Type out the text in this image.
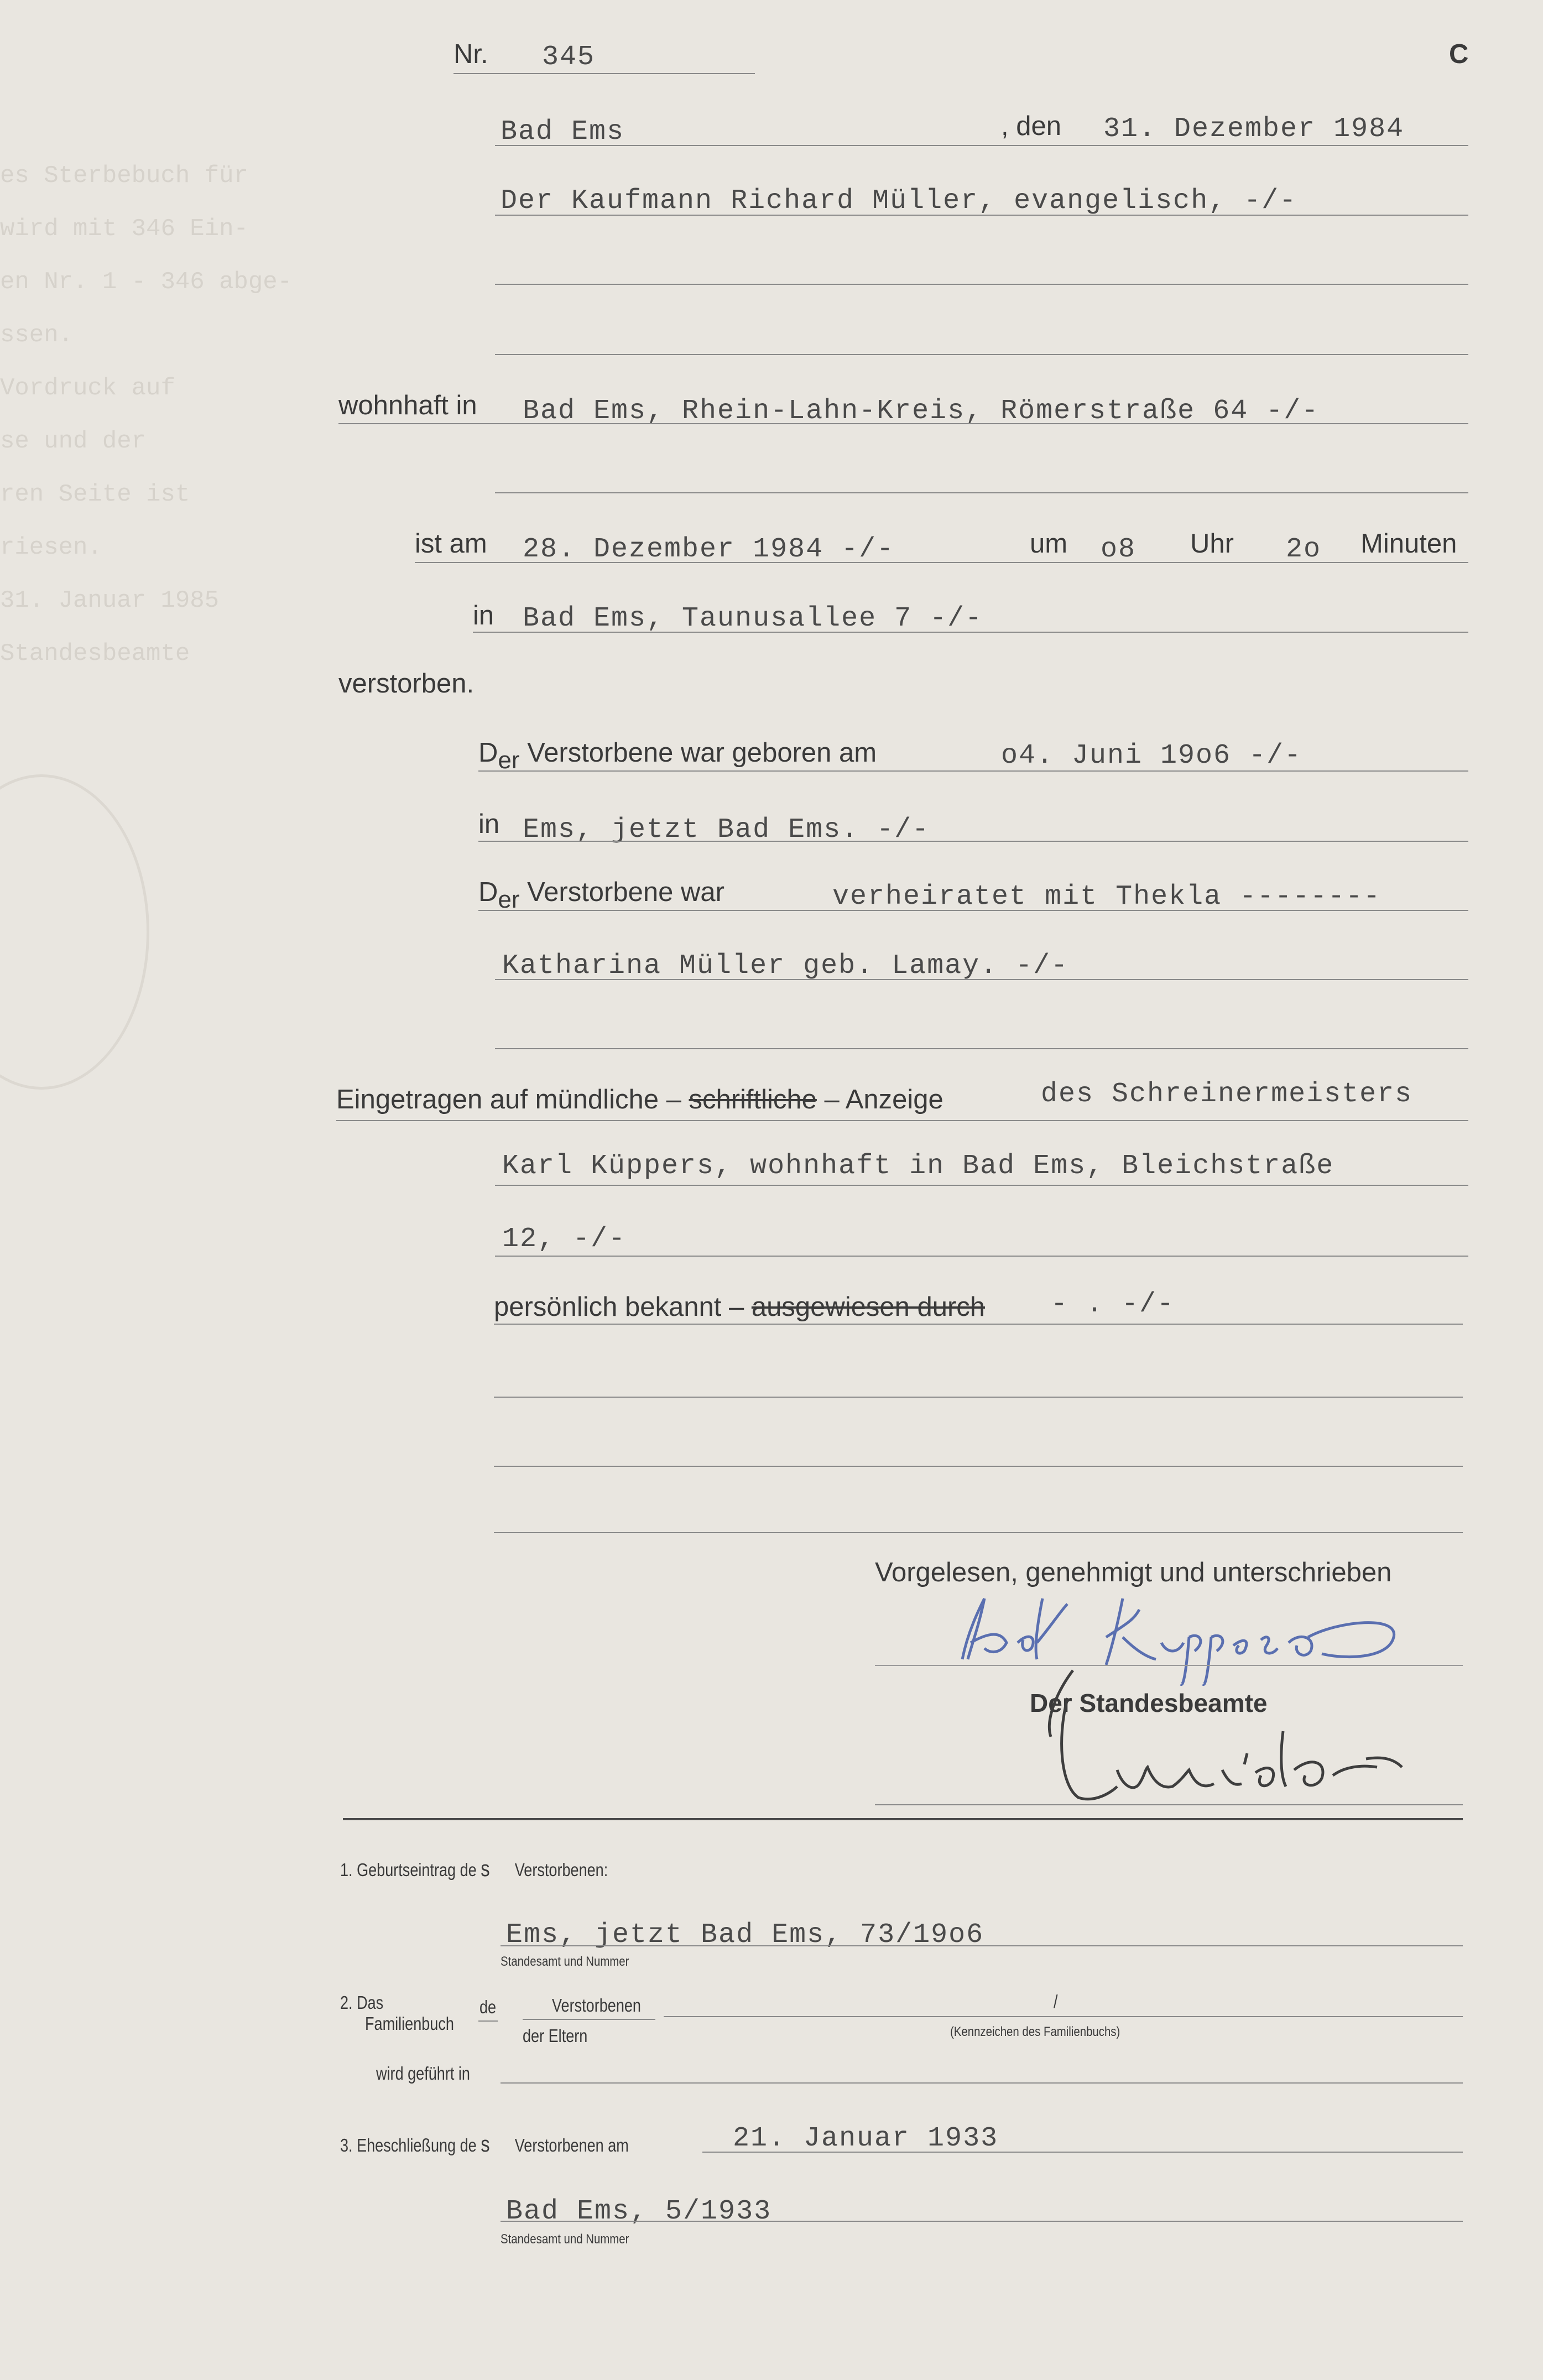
es Sterbebuch für
wird mit 346 Ein-
en Nr. 1 - 346 abge-
ssen.
Vordruck auf
se und der
ren Seite ist
riesen.
31. Januar 1985
Standesbeamte
Nr. 345	C
Bad Ems	, den 31. Dezember 1984
Der Kaufmann Richard Müller, evangelisch, -/-
wohnhaft in Bad Ems, Rhein-Lahn-Kreis, Römerstraße 64 -/-
ist am 28. Dezember 1984 -/-	um o8 Uhr 2o Minuten
in Bad Ems, Taunusallee 7 -/-
verstorben.
Der Verstorbene war geboren am	o4. Juni 19o6 -/-
in Ems, jetzt Bad Ems. -/-
Der Verstorbene war	verheiratet mit Thekla --------
Katharina Müller geb. Lamay. -/-
Eingetragen auf mündliche – schriftliche – Anzeige	des Schreinermeisters
Karl Küppers, wohnhaft in Bad Ems, Bleichstraße
12, -/-
persönlich bekannt – ausgewiesen durch - . -/-
Vorgelesen, genehmigt und unterschrieben
Der Standesbeamte
1. Geburtseintrag de s Verstorbenen:
Ems, jetzt Bad Ems, 73/19o6
Standesamt und Nummer
2. Das
Familienbuch
de	Verstorbenen
der Eltern
/
(Kennzeichen des Familienbuchs)
wird geführt in
3. Eheschließung de s Verstorbenen am	21. Januar 1933
Bad Ems, 5/1933
Standesamt und Nummer
